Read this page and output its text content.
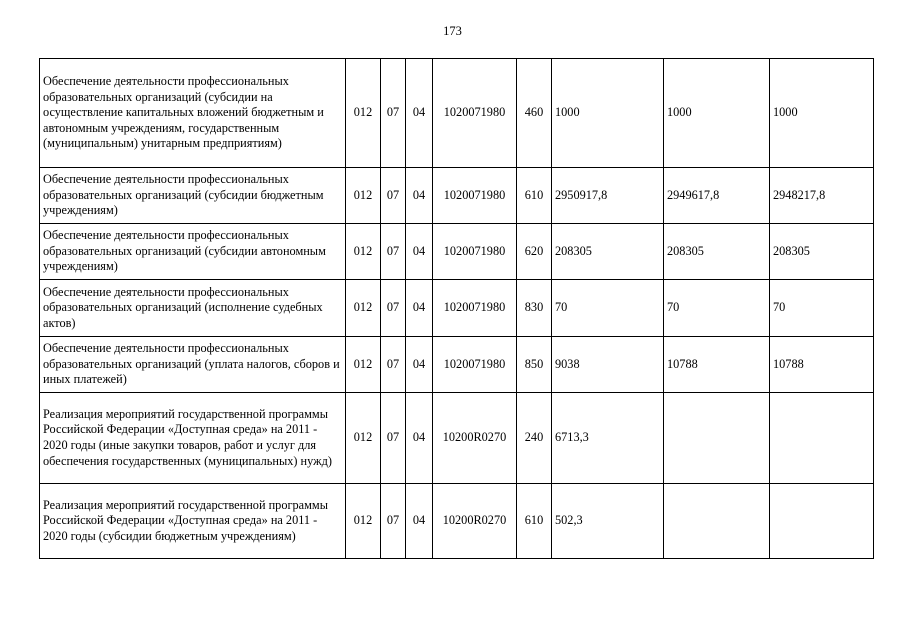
173
Обеспечение деятельности профессиональных образовательных организаций (субсидии на осуществление капитальных вложений бюджетным и автономным учреждениям, государственным (муниципальным) унитарным предприятиям)	012	07	04	1020071980	460	1000	1000	1000
Обеспечение деятельности профессиональных образовательных организаций (субсидии бюджетным учреждениям)	012	07	04	1020071980	610	2950917,8	2949617,8	2948217,8
Обеспечение деятельности профессиональных образовательных организаций (субсидии автономным учреждениям)	012	07	04	1020071980	620	208305	208305	208305
Обеспечение деятельности профессиональных образовательных организаций (исполнение судебных актов)	012	07	04	1020071980	830	70	70	70
Обеспечение деятельности профессиональных образовательных организаций (уплата налогов, сборов и иных платежей)	012	07	04	1020071980	850	9038	10788	10788
Реализация мероприятий государственной программы Российской Федерации «Доступная среда» на 2011 - 2020 годы (иные закупки товаров, работ и услуг для обеспечения государственных (муниципальных) нужд)	012	07	04	10200R0270	240	6713,3		
Реализация мероприятий государственной программы Российской Федерации «Доступная среда» на 2011 - 2020 годы (субсидии бюджетным учреждениям)	012	07	04	10200R0270	610	502,3		
